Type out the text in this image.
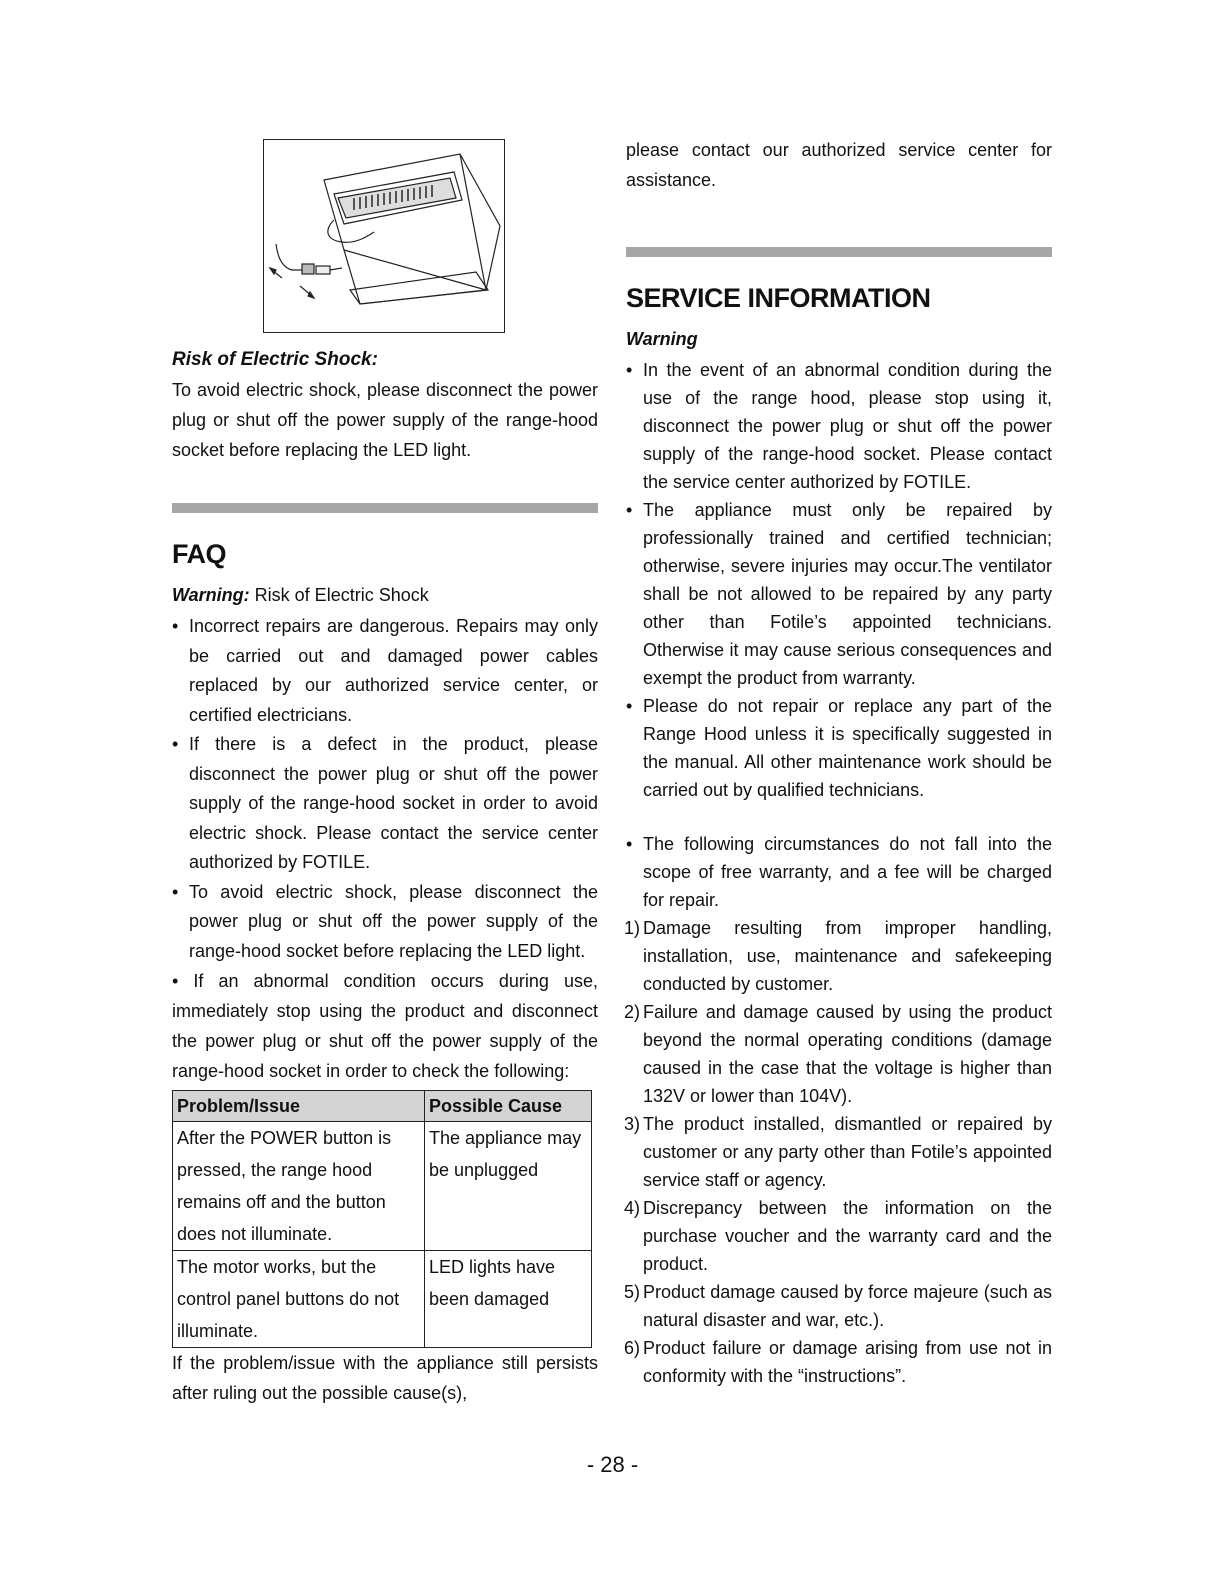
Risk of Electric Shock:

To avoid electric shock, please disconnect the power plug or shut off the power supply of the range-hood socket before replacing the LED light.

FAQ
Warning: Risk of Electric Shock
• Incorrect repairs are dangerous. Repairs may only be carried out and damaged power cables replaced by our authorized service center, or certified electricians.
• If there is a defect in the product, please disconnect the power plug or shut off the power supply of the range-hood socket in order to avoid electric shock. Please contact the service center authorized by FOTILE.
• To avoid electric shock, please disconnect the power plug or shut off the power supply of the range-hood socket before replacing the LED light.

• If an abnormal condition occurs during use, immediately stop using the product and disconnect the power plug or shut off the power supply of the range-hood socket in order to check the following:

Problem/Issue	Possible Cause
After the POWER button is pressed, the range hood remains off and the button does not illuminate.	The appliance may be unplugged
The motor works, but the control panel buttons do not illuminate.	LED lights have been damaged

If the problem/issue with the appliance still persists after ruling out the possible cause(s),

please contact our authorized service center for assistance.

SERVICE INFORMATION
Warning
• In the event of an abnormal condition during the use of the range hood, please stop using it, disconnect the power plug or shut off the power supply of the range-hood socket. Please contact the service center authorized by FOTILE.
• The appliance must only be repaired by professionally trained and certified technician; otherwise, severe injuries may occur.The ventilator shall be not allowed to be repaired by any party other than Fotile’s appointed technicians. Otherwise it may cause serious consequences and exempt the product from warranty.
• Please do not repair or replace any part of the Range Hood unless it is specifically suggested in the manual. All other maintenance work should be carried out by qualified technicians.
• The following circumstances do not fall into the scope of free warranty, and a fee will be charged for repair.
1) Damage resulting from improper handling, installation, use, maintenance and safekeeping conducted by customer.
2) Failure and damage caused by using the product beyond the normal operating conditions (damage caused in the case that the voltage is higher than 132V or lower than 104V).
3) The product installed, dismantled or repaired by customer or any party other than Fotile’s appointed service staff or agency.
4) Discrepancy between the information on the purchase voucher and the warranty card and the product.
5) Product damage caused by force majeure (such as natural disaster and war, etc.).
6) Product failure or damage arising from use not in conformity with the “instructions”.
- 28 -
